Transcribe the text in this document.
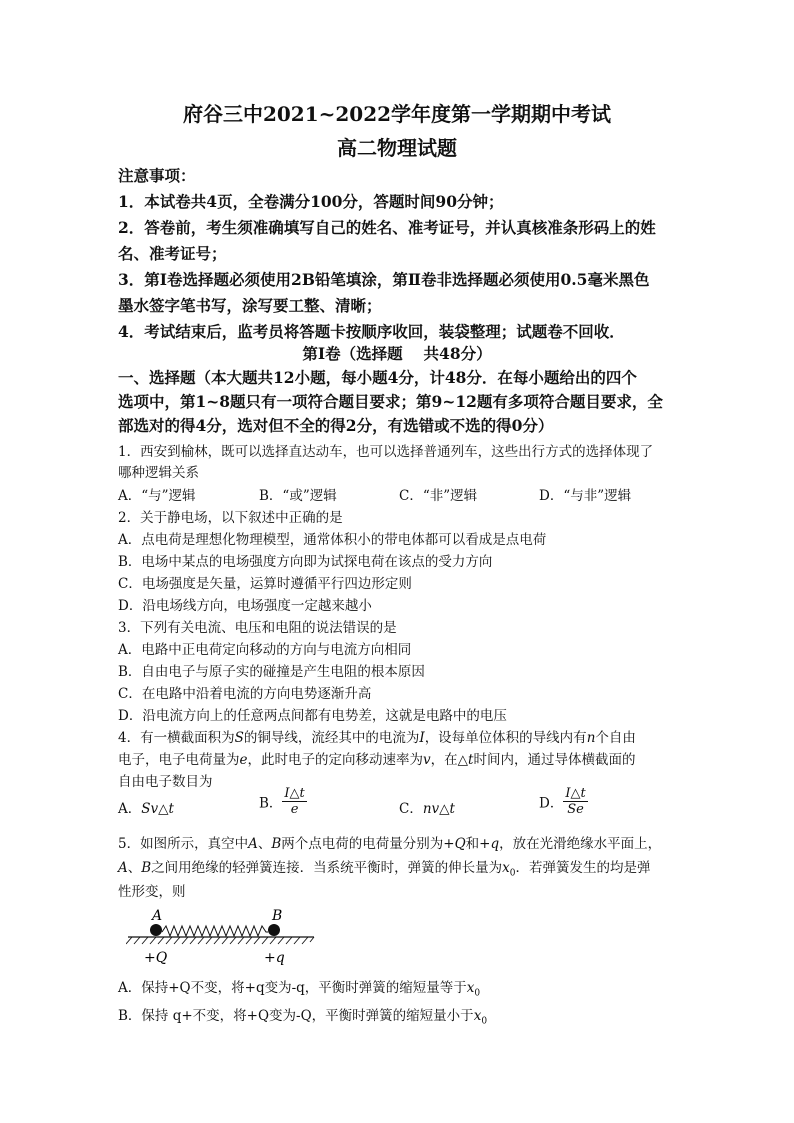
府谷三中2021~2022学年度第一学期期中考试
高二物理试题
注意事项：
1．本试卷共4页，全卷满分100分，答题时间90分钟；
2．答卷前，考生须准确填写自己的姓名、准考证号，并认真核准条形码上的姓
名、准考证号；
3．第Ⅰ卷选择题必须使用2B铅笔填涂，第Ⅱ卷非选择题必须使用0.5毫米黑色
墨水签字笔书写，涂写要工整、清晰；
4．考试结束后，监考员将答题卡按顺序收回，装袋整理；试题卷不回收．
第Ⅰ卷（选择题　 共48分）
一、选择题（本大题共12小题，每小题4分，计48分．在每小题给出的四个
选项中，第1~8题只有一项符合题目要求；第9~12题有多项符合题目要求，全
部选对的得4分，选对但不全的得2分，有选错或不选的得0分）
1．西安到榆林，既可以选择直达动车，也可以选择普通列车，这些出行方式的选择体现了
哪种逻辑关系
A．“与”逻辑	B．“或”逻辑	C．“非”逻辑	D．“与非”逻辑
2．关于静电场，以下叙述中正确的是
A．点电荷是理想化物理模型，通常体积小的带电体都可以看成是点电荷
B．电场中某点的电场强度方向即为试探电荷在该点的受力方向
C．电场强度是矢量，运算时遵循平行四边形定则
D．沿电场线方向，电场强度一定越来越小
3．下列有关电流、电压和电阻的说法错误的是
A．电路中正电荷定向移动的方向与电流方向相同
B．自由电子与原子实的碰撞是产生电阻的根本原因
C．在电路中沿着电流的方向电势逐渐升高
D．沿电流方向上的任意两点间都有电势差，这就是电路中的电压
4．有一横截面积为S的铜导线，流经其中的电流为I，设每单位体积的导线内有n个自由
电子，电子电荷量为e，此时电子的定向移动速率为v，在△t时间内，通过导体横截面的
自由电子数目为
A．Sv△t	B． $\frac{I\triangle t}{e}$	C．nv△t	D． $\frac{I\triangle t}{Se}$
5．如图所示，真空中A、B两个点电荷的电荷量分别为+Q和+q，放在光滑绝缘水平面上，
A、B之间用绝缘的轻弹簧连接．当系统平衡时，弹簧的伸长量为$x_0$．若弹簧发生的均是弹
性形变，则
A	B
+Q	+q
A．保持+Q不变，将+q变为-q，平衡时弹簧的缩短量等于$x_0$
B．保持 q+不变，将+Q变为-Q，平衡时弹簧的缩短量小于$x_0$
